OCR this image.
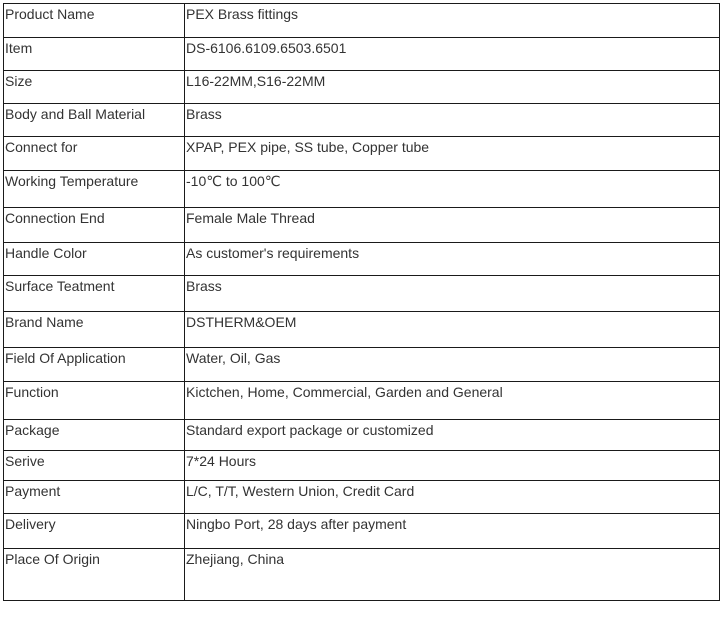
Product Name	PEX Brass fittings
Item	DS-6106.6109.6503.6501
Size	L16-22MM,S16-22MM
Body and Ball Material	Brass
Connect for	XPAP, PEX pipe, SS tube, Copper tube
Working Temperature	-10℃ to 100℃
Connection End	Female Male Thread
Handle Color	As customer's requirements
Surface Teatment	Brass
Brand Name	DSTHERM&OEM
Field Of Application	Water, Oil, Gas
Function	Kictchen, Home, Commercial, Garden and General
Package	Standard export package or customized
Serive	7*24 Hours
Payment	L/C, T/T, Western Union, Credit Card
Delivery	Ningbo Port, 28 days after payment
Place Of Origin	Zhejiang, China
